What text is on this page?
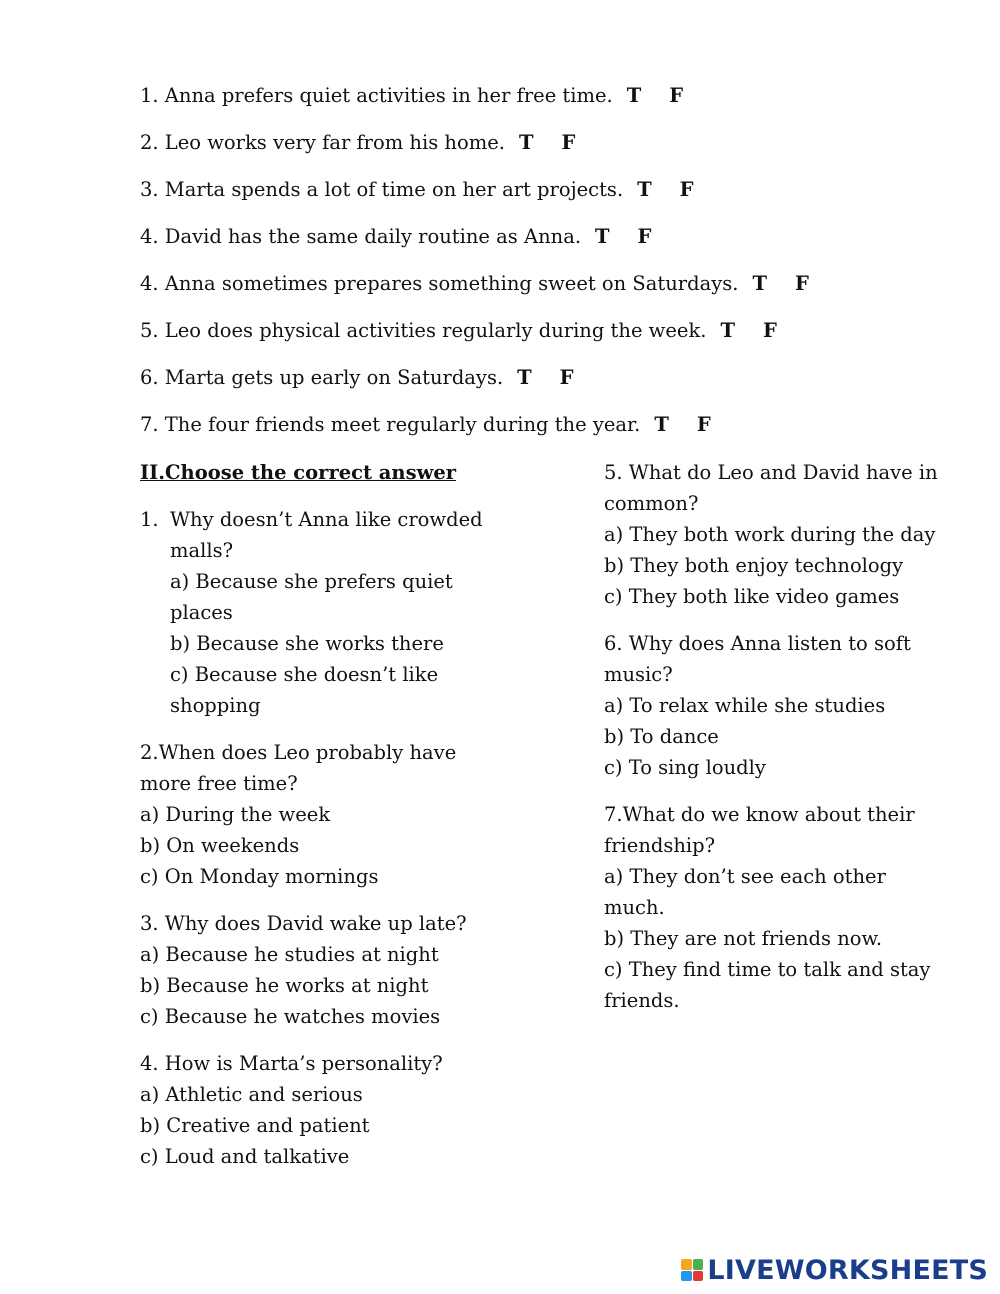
1. Anna prefers quiet activities in her free time. T F
2. Leo works very far from his home. T F
3. Marta spends a lot of time on her art projects. T F
4. David has the same daily routine as Anna. T F
4. Anna sometimes prepares something sweet on Saturdays. T F
5. Leo does physical activities regularly during the week. T F
6. Marta gets up early on Saturdays. T F
7. The four friends meet regularly during the year. T F
II.Choose the correct answer
1. Why doesn’t Anna like crowded malls?
a) Because she prefers quiet places
b) Because she works there
c) Because she doesn’t like shopping
2.When does Leo probably have more free time?
a) During the week
b) On weekends
c) On Monday mornings
3. Why does David wake up late?
a) Because he studies at night
b) Because he works at night
c) Because he watches movies
4. How is Marta’s personality?
a) Athletic and serious
b) Creative and patient
c) Loud and talkative
5. What do Leo and David have in common?
a) They both work during the day
b) They both enjoy technology
c) They both like video games
6. Why does Anna listen to soft music?
a) To relax while she studies
b) To dance
c) To sing loudly
7.What do we know about their friendship?
a) They don’t see each other much.
b) They are not friends now.
c) They find time to talk and stay friends.
LIVEWORKSHEETS
